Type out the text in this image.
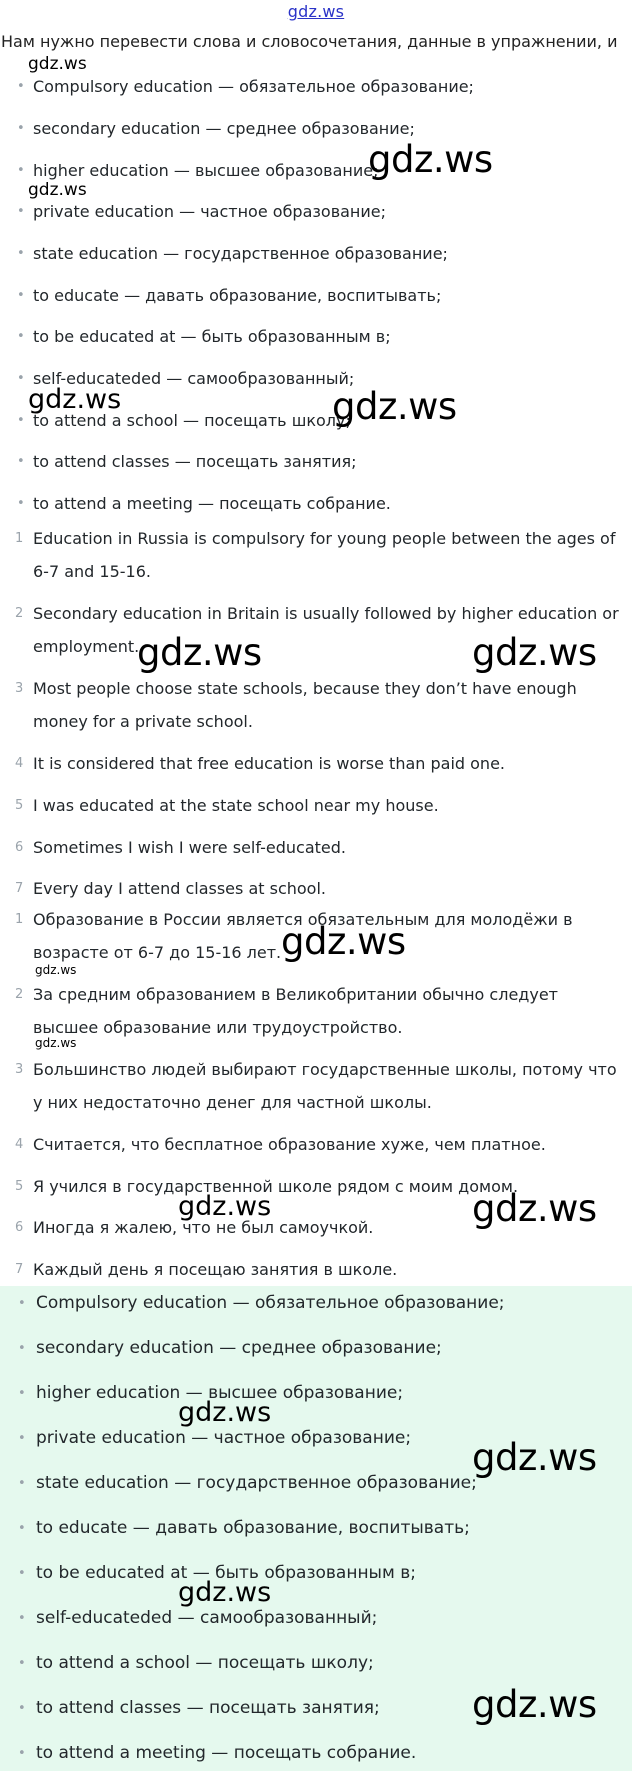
gdz.ws
Нам нужно перевести слова и словосочетания, данные в упражнении, и
• Compulsory education — обязательное образование;
• secondary education — среднее образование;
• higher education — высшее образование;
• private education — частное образование;
• state education — государственное образование;
• to educate — давать образование, воспитывать;
• to be educated at — быть образованным в;
• self-educateded — самообразованный;
• to attend a school — посещать школу;
• to attend classes — посещать занятия;
• to attend a meeting — посещать собрание.
1 Education in Russia is compulsory for young people between the ages of 6-7 and 15-16.
2 Secondary education in Britain is usually followed by higher education or employment.
3 Most people choose state schools, because they don’t have enough money for a private school.
4 It is considered that free education is worse than paid one.
5 I was educated at the state school near my house.
6 Sometimes I wish I were self-educated.
7 Every day I attend classes at school.
1 Образование в России является обязательным для молодёжи в возрасте от 6-7 до 15-16 лет.
2 За средним образованием в Великобритании обычно следует высшее образование или трудоустройство.
3 Большинство людей выбирают государственные школы, потому что у них недостаточно денег для частной школы.
4 Считается, что бесплатное образование хуже, чем платное.
5 Я учился в государственной школе рядом с моим домом.
6 Иногда я жалею, что не был самоучкой.
7 Каждый день я посещаю занятия в школе.
• Compulsory education — обязательное образование;
• secondary education — среднее образование;
• higher education — высшее образование;
• private education — частное образование;
• state education — государственное образование;
• to educate — давать образование, воспитывать;
• to be educated at — быть образованным в;
• self-educateded — самообразованный;
• to attend a school — посещать школу;
• to attend classes — посещать занятия;
• to attend a meeting — посещать собрание.
gdz.ws
gdz.ws
gdz.ws
gdz.ws	gdz.ws
gdz.ws	gdz.ws
gdz.ws
gdz.ws
gdz.ws
gdz.ws	gdz.ws
gdz.ws
gdz.ws
gdz.ws
gdz.ws
